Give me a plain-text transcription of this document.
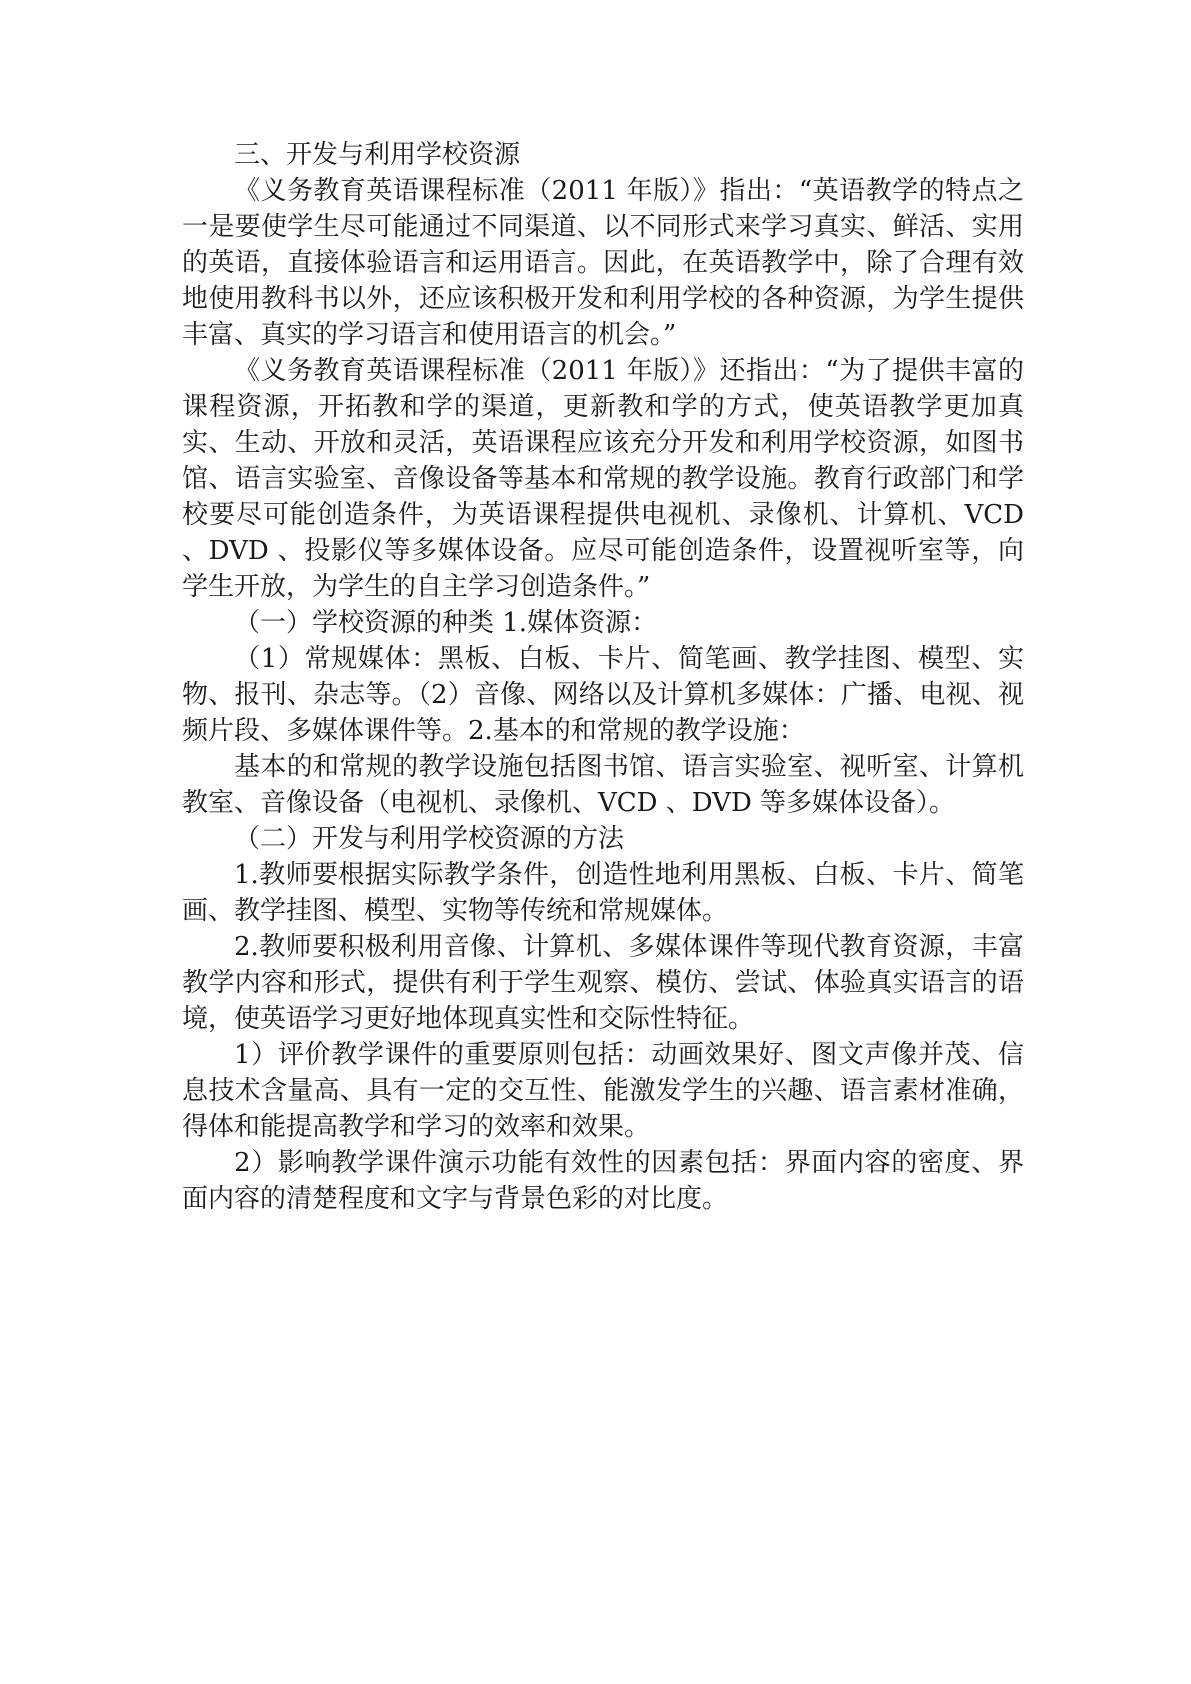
三、开发与利用学校资源

《义务教育英语课程标准（2011 年版）》指出：“英语教学的特点之一是要使学生尽可能通过不同渠道、以不同形式来学习真实、鲜活、实用的英语，直接体验语言和运用语言。因此，在英语教学中，除了合理有效地使用教科书以外，还应该积极开发和利用学校的各种资源，为学生提供丰富、真实的学习语言和使用语言的机会。”

《义务教育英语课程标准（2011 年版）》还指出：“为了提供丰富的课程资源，开拓教和学的渠道，更新教和学的方式，使英语教学更加真实、生动、开放和灵活，英语课程应该充分开发和利用学校资源，如图书馆、语言实验室、音像设备等基本和常规的教学设施。教育行政部门和学校要尽可能创造条件，为英语课程提供电视机、录像机、计算机、VCD 、DVD 、投影仪等多媒体设备。应尽可能创造条件，设置视听室等，向学生开放，为学生的自主学习创造条件。”

（一）学校资源的种类 1.媒体资源：

（1）常规媒体：黑板、白板、卡片、简笔画、教学挂图、模型、实物、报刊、杂志等。（2）音像、网络以及计算机多媒体：广播、电视、视频片段、多媒体课件等。2.基本的和常规的教学设施：

基本的和常规的教学设施包括图书馆、语言实验室、视听室、计算机教室、音像设备（电视机、录像机、VCD 、DVD 等多媒体设备）。

（二）开发与利用学校资源的方法

1.教师要根据实际教学条件，创造性地利用黑板、白板、卡片、简笔画、教学挂图、模型、实物等传统和常规媒体。

2.教师要积极利用音像、计算机、多媒体课件等现代教育资源，丰富教学内容和形式，提供有利于学生观察、模仿、尝试、体验真实语言的语境，使英语学习更好地体现真实性和交际性特征。

1）评价教学课件的重要原则包括：动画效果好、图文声像并茂、信息技术含量高、具有一定的交互性、能激发学生的兴趣、语言素材准确，得体和能提高教学和学习的效率和效果。

2）影响教学课件演示功能有效性的因素包括：界面内容的密度、界面内容的清楚程度和文字与背景色彩的对比度。
